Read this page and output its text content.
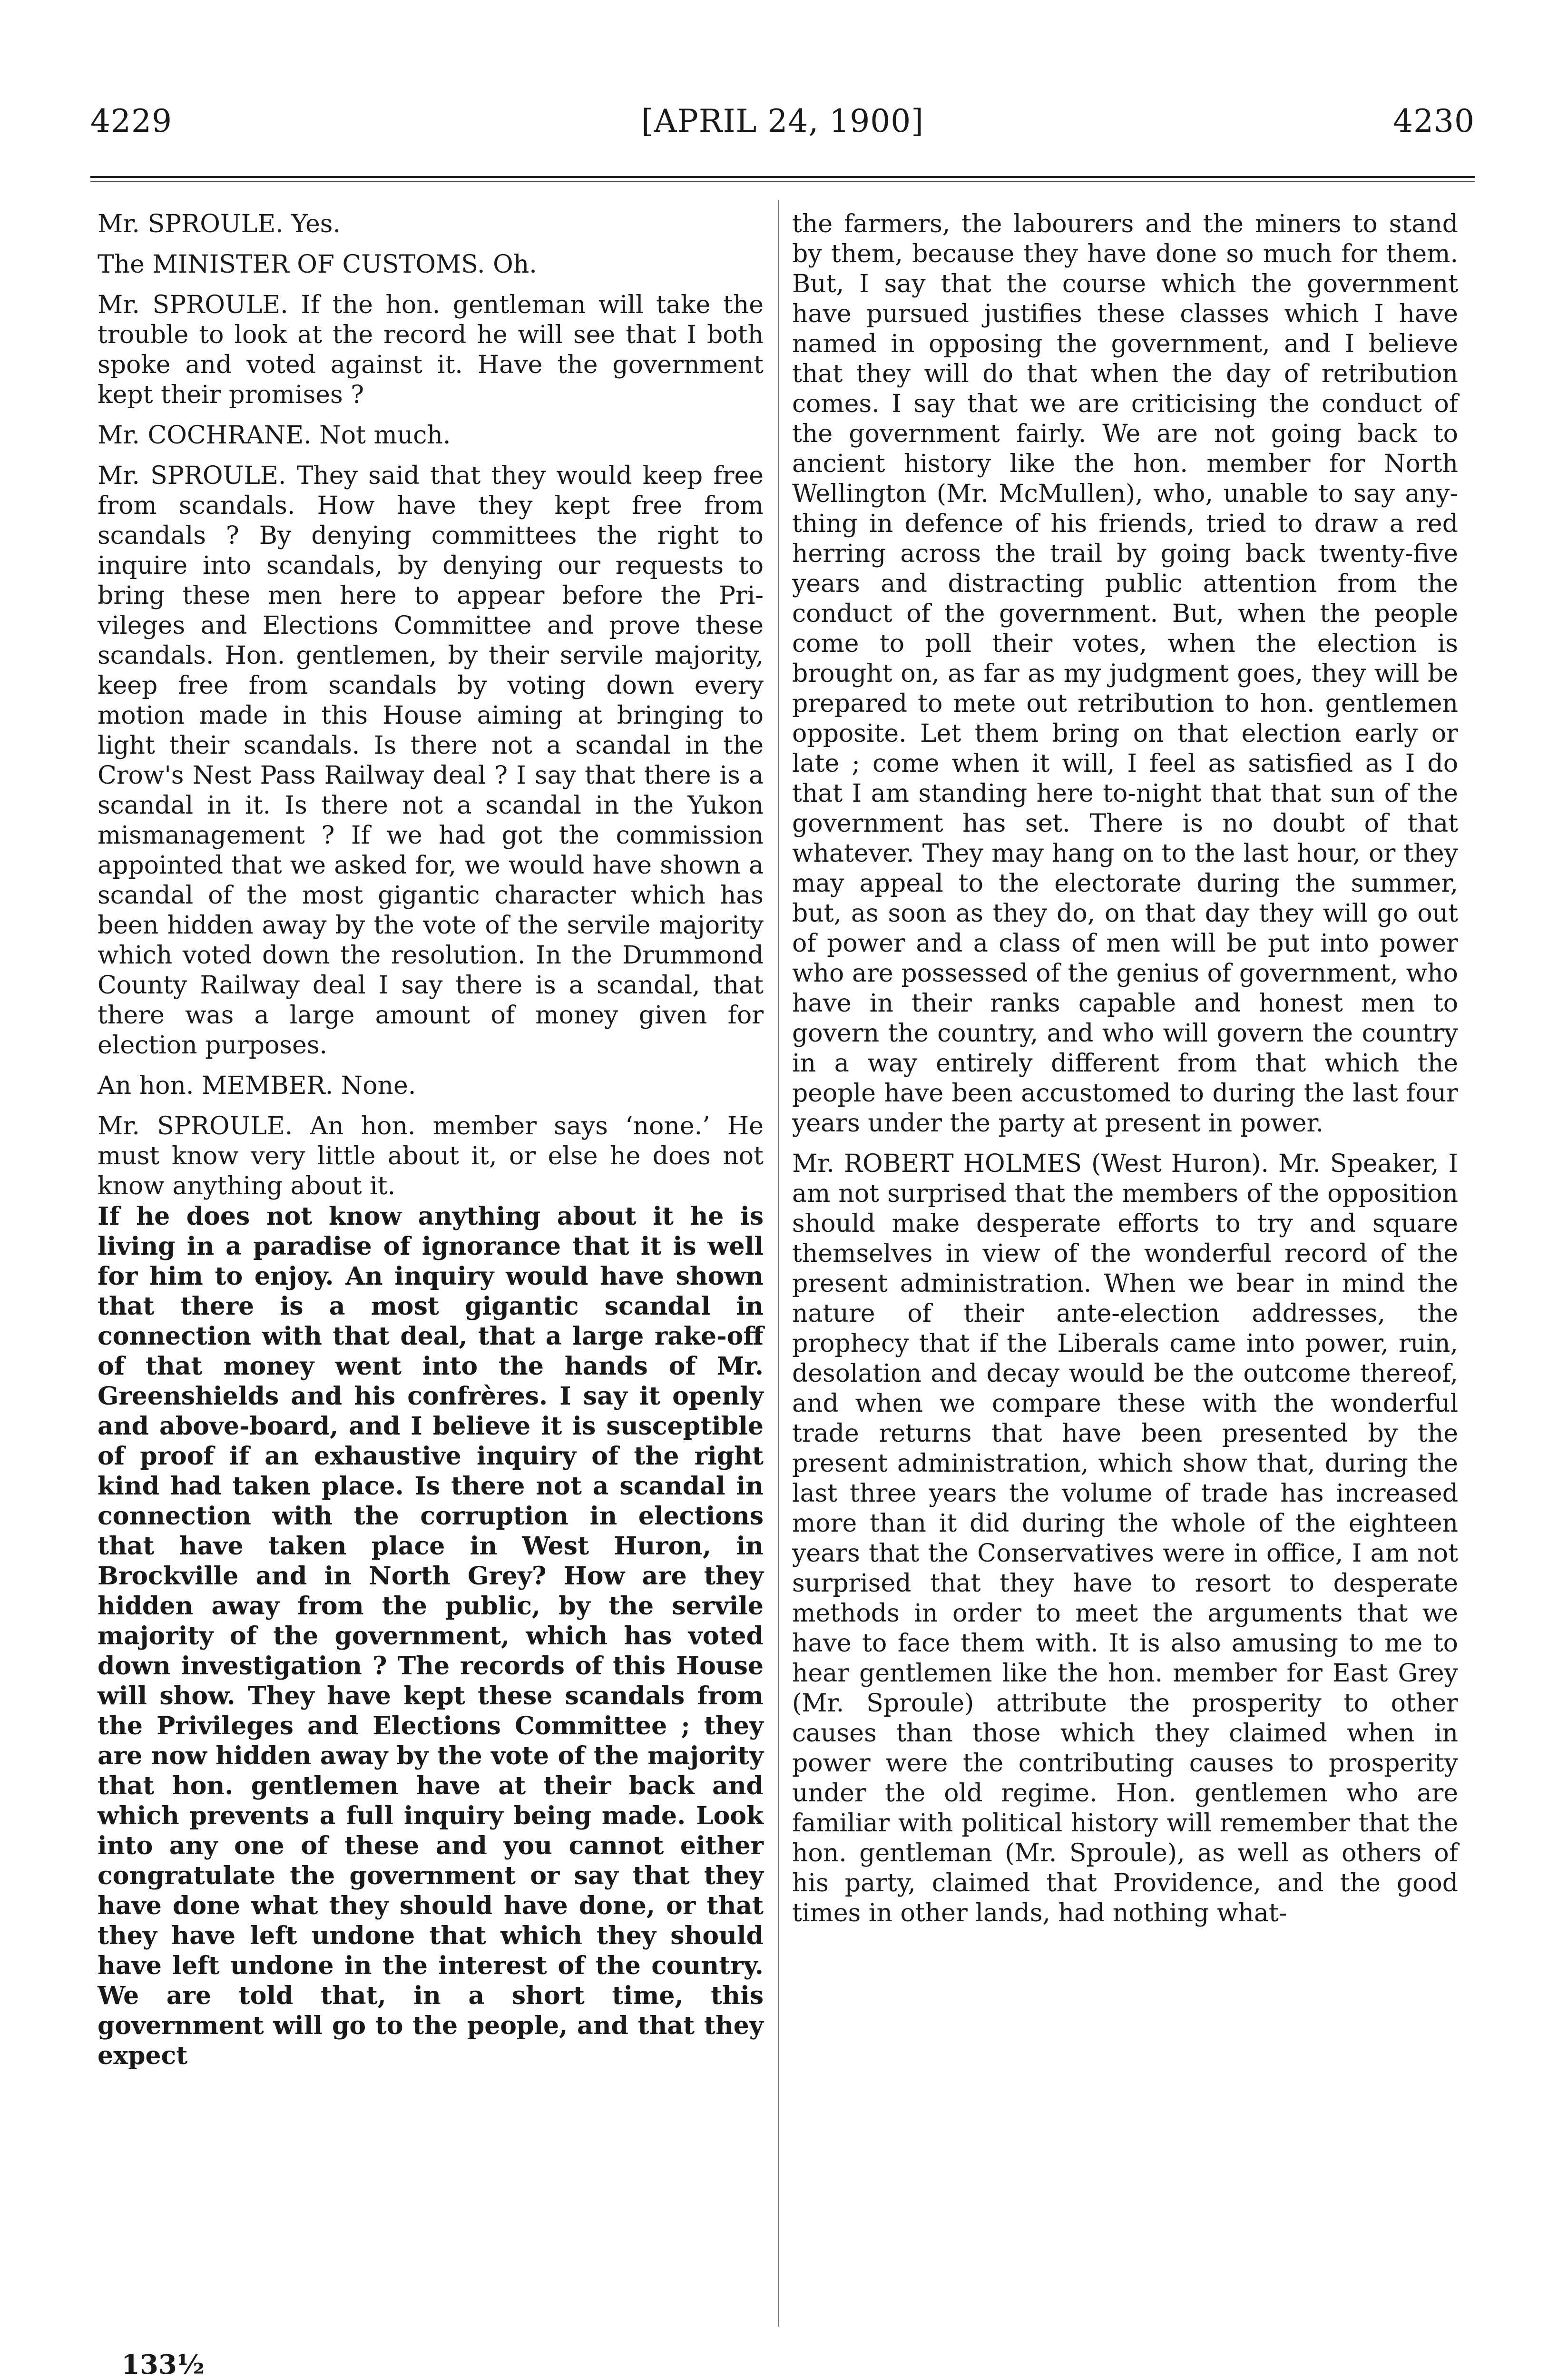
4229	[APRIL 24, 1900]	4230

Mr. SPROULE. Yes.

The MINISTER OF CUSTOMS. Oh.

Mr. SPROULE. If the hon. gentleman will take the trouble to look at the record he will see that I both spoke and voted against it. Have the government kept their promises ?

Mr. COCHRANE. Not much.

Mr. SPROULE. They said that they would keep free from scandals. How have they kept free from scandals ? By denying committees the right to inquire into scandals, by denying our requests to bring these men here to appear before the Privileges and Elections Committee and prove these scandals. Hon. gentlemen, by their servile majority, keep free from scandals by voting down every motion made in this House aiming at bringing to light their scandals. Is there not a scandal in the Crow's Nest Pass Railway deal ? I say that there is a scandal in it. Is there not a scandal in the Yukon mismanagement ? If we had got the commission appointed that we asked for, we would have shown a scandal of the most gigantic character which has been hidden away by the vote of the servile majority which voted down the resolution. In the Drummond County Railway deal I say there is a scandal, that there was a large amount of money given for election purposes.

An hon. MEMBER. None.

Mr. SPROULE. An hon. member says ‘none.’ He must know very little about it, or else he does not know anything about it.

If he does not know anything about it he is living in a paradise of ignorance that it is well for him to enjoy. An inquiry would have shown that there is a most gigantic scandal in connection with that deal, that a large rake-off of that money went into the hands of Mr. Greenshields and his confrères. I say it openly and above-board, and I believe it is susceptible of proof if an exhaustive inquiry of the right kind had taken place. Is there not a scandal in connection with the corruption in elections that have taken place in West Huron, in Brockville and in North Grey? How are they hidden away from the public, by the servile majority of the government, which has voted down investigation ? The records of this House will show. They have kept these scandals from the Privileges and Elections Committee ; they are now hidden away by the vote of the majority that hon. gentlemen have at their back and which prevents a full inquiry being made. Look into any one of these and you cannot either congratulate the government or say that they have done what they should have done, or that they have left undone that which they should have left undone in the interest of the country. We are told that, in a short time, this government will go to the people, and that they expect

the farmers, the labourers and the miners to stand by them, because they have done so much for them. But, I say that the course which the government have pursued justifies these classes which I have named in opposing the government, and I believe that they will do that when the day of retribution comes. I say that we are criticising the conduct of the government fairly. We are not going back to ancient history like the hon. member for North Wellington (Mr. McMullen), who, unable to say anything in defence of his friends, tried to draw a red herring across the trail by going back twenty-five years and distracting public attention from the conduct of the government. But, when the people come to poll their votes, when the election is brought on, as far as my judgment goes, they will be prepared to mete out retribution to hon. gentlemen opposite. Let them bring on that election early or late ; come when it will, I feel as satisfied as I do that I am standing here to-night that that sun of the government has set. There is no doubt of that whatever. They may hang on to the last hour, or they may appeal to the electorate during the summer, but, as soon as they do, on that day they will go out of power and a class of men will be put into power who are possessed of the genius of government, who have in their ranks capable and honest men to govern the country, and who will govern the country in a way entirely different from that which the people have been accustomed to during the last four years under the party at present in power.

Mr. ROBERT HOLMES (West Huron). Mr. Speaker, I am not surprised that the members of the opposition should make desperate efforts to try and square themselves in view of the wonderful record of the present administration. When we bear in mind the nature of their ante-election addresses, the prophecy that if the Liberals came into power, ruin, desolation and decay would be the outcome thereof, and when we compare these with the wonderful trade returns that have been presented by the present administration, which show that, during the last three years the volume of trade has increased more than it did during the whole of the eighteen years that the Conservatives were in office, I am not surprised that they have to resort to desperate methods in order to meet the arguments that we have to face them with. It is also amusing to me to hear gentlemen like the hon. member for East Grey (Mr. Sproule) attribute the prosperity to other causes than those which they claimed when in power were the contributing causes to prosperity under the old regime. Hon. gentlemen who are familiar with political history will remember that the hon. gentleman (Mr. Sproule), as well as others of his party, claimed that Providence, and the good times in other lands, had nothing what-

133½
